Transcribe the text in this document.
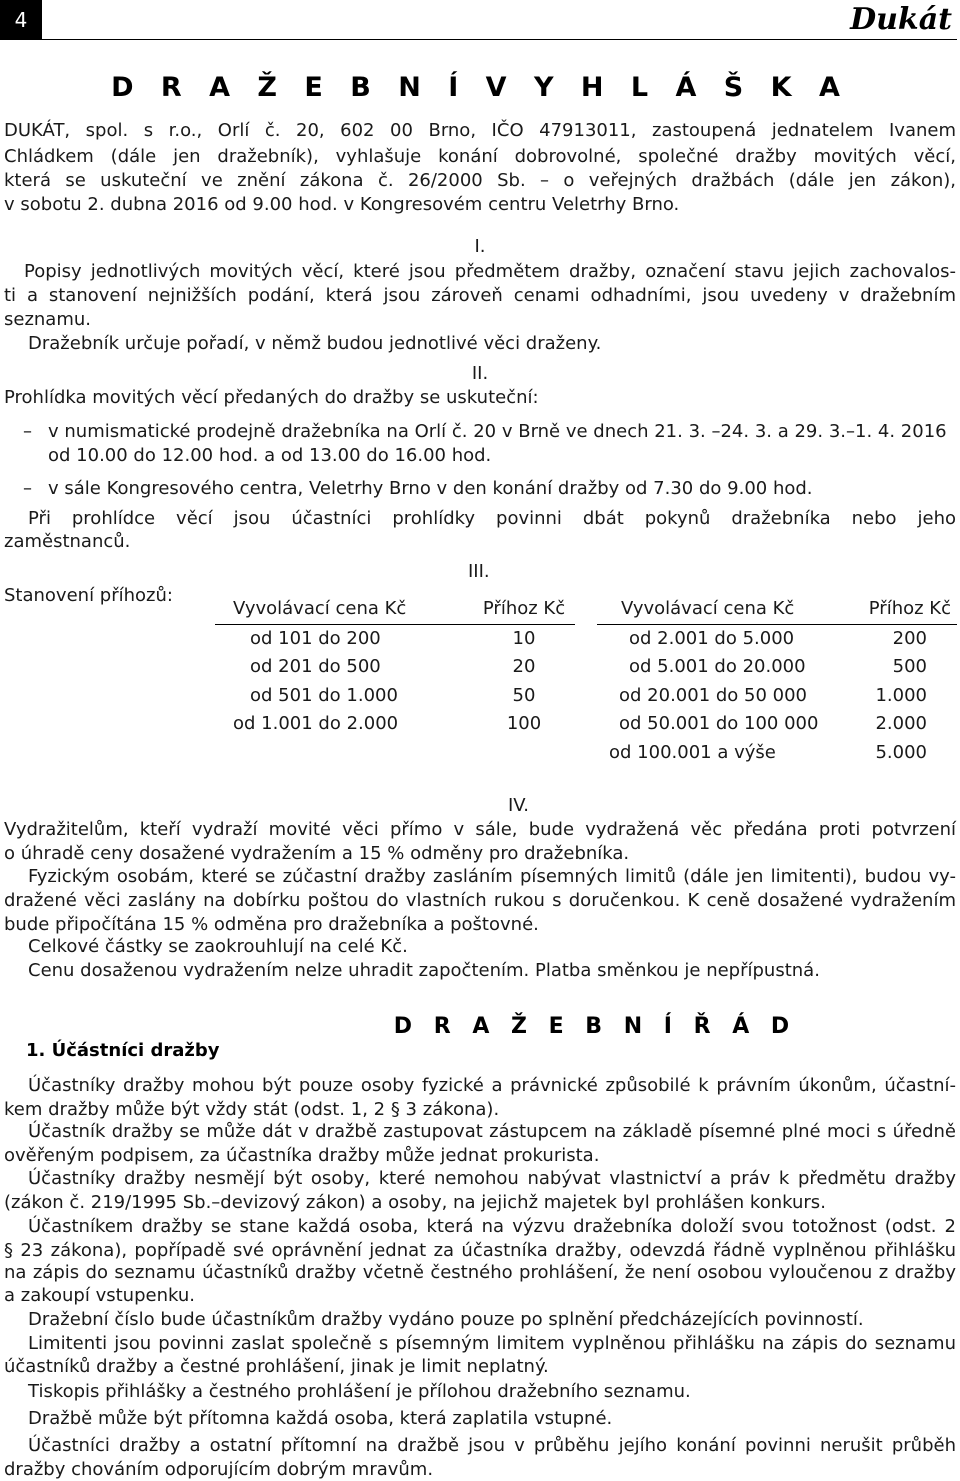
4	Dukát
D R A Ž E B N Í V Y H L Á Š K A
DUKÁT, spol. s r.o., Orlí č. 20, 602 00 Brno, IČO 47913011, zastoupená jednatelem Ivanem
Chládkem (dále jen dražebník), vyhlašuje konání dobrovolné, společné dražby movitých věcí,
která se uskuteční ve znění zákona č. 26/2000 Sb. – o veřejných dražbách (dále jen zákon),
v sobotu 2. dubna 2016 od 9.00 hod. v Kongresovém centru Veletrhy Brno.
I.
Popisy jednotlivých movitých věcí, které jsou předmětem dražby, označení stavu jejich zachovalos-
ti a stanovení nejnižších podání, která jsou zároveň cenami odhadními, jsou uvedeny v dražebním
seznamu.
Dražebník určuje pořadí, v němž budou jednotlivé věci draženy.
II.
Prohlídka movitých věcí předaných do dražby se uskuteční:
– v numismatické prodejně dražebníka na Orlí č. 20 v Brně ve dnech 21. 3. –24. 3. a 29. 3.–1. 4. 2016
od 10.00 do 12.00 hod. a od 13.00 do 16.00 hod.
– v sále Kongresového centra, Veletrhy Brno v den konání dražby od 7.30 do 9.00 hod.
Při prohlídce věcí jsou účastníci prohlídky povinni dbát pokynů dražebníka nebo jeho
zaměstnanců.
III.
Stanovení příhozů:
Vyvolávací cena Kč	Příhoz Kč
od 101 do 200	10
od 201 do 500	20
od 501 do 1.000	50
od 1.001 do 2.000	100
Vyvolávací cena Kč	Příhoz Kč
od 2.001 do 5.000	200
od 5.001 do 20.000	500
od 20.001 do 50 000	1.000
od 50.001 do 100 000	2.000
od 100.001 a výše	5.000
IV.
Vydražitelům, kteří vydraží movité věci přímo v sále, bude vydražená věc předána proti potvrzení
o úhradě ceny dosažené vydražením a 15 % odměny pro dražebníka.
Fyzickým osobám, které se zúčastní dražby zasláním písemných limitů (dále jen limitenti), budou vy-
dražené věci zaslány na dobírku poštou do vlastních rukou s doručenkou. K ceně dosažené vydražením
bude připočítána 15 % odměna pro dražebníka a poštovné.
Celkové částky se zaokrouhlují na celé Kč.
Cenu dosaženou vydražením nelze uhradit započtením. Platba směnkou je nepřípustná.
D R A Ž E B N Í Ř Á D
1. Účástníci dražby
Účastníky dražby mohou být pouze osoby fyzické a právnické způsobilé k právním úkonům, účastní-
kem dražby může být vždy stát (odst. 1, 2 § 3 zákona).
Účastník dražby se může dát v dražbě zastupovat zástupcem na základě písemné plné moci s úředně
ověřeným podpisem, za účastníka dražby může jednat prokurista.
Účastníky dražby nesmějí být osoby, které nemohou nabývat vlastnictví a práv k předmětu dražby
(zákon č. 219/1995 Sb.–devizový zákon) a osoby, na jejichž majetek byl prohlášen konkurs.
Účastníkem dražby se stane každá osoba, která na výzvu dražebníka doloží svou totožnost (odst. 2
§ 23 zákona), popřípadě své oprávnění jednat za účastníka dražby, odevzdá řádně vyplněnou přihlášku
na zápis do seznamu účastníků dražby včetně čestného prohlášení, že není osobou vyloučenou z dražby
a zakoupí vstupenku.
Dražební číslo bude účastníkům dražby vydáno pouze po splnění předcházejících povinností.
Limitenti jsou povinni zaslat společně s písemným limitem vyplněnou přihlášku na zápis do seznamu
účastníků dražby a čestné prohlášení, jinak je limit neplatný.
Tiskopis přihlášky a čestného prohlášení je přílohou dražebního seznamu.
Dražbě může být přítomna každá osoba, která zaplatila vstupné.
Účastníci dražby a ostatní přítomní na dražbě jsou v průběhu jejího konání povinni nerušit průběh
dražby chováním odporujícím dobrým mravům.
